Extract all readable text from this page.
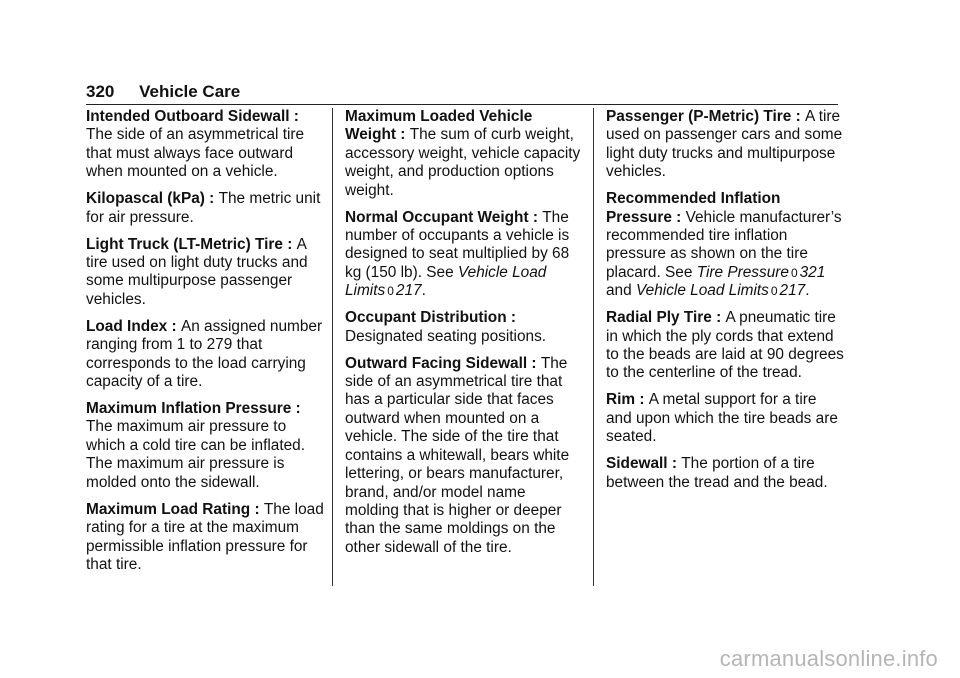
320 Vehicle Care

Intended Outboard Sidewall : The side of an asymmetrical tire that must always face outward when mounted on a vehicle.

Kilopascal (kPa) : The metric unit for air pressure.

Light Truck (LT-Metric) Tire : A tire used on light duty trucks and some multipurpose passenger vehicles.

Load Index : An assigned number ranging from 1 to 279 that corresponds to the load carrying capacity of a tire.

Maximum Inflation Pressure : The maximum air pressure to which a cold tire can be inflated. The maximum air pressure is molded onto the sidewall.

Maximum Load Rating : The load rating for a tire at the maximum permissible inflation pressure for that tire.

Maximum Loaded Vehicle Weight : The sum of curb weight, accessory weight, vehicle capacity weight, and production options weight.

Normal Occupant Weight : The number of occupants a vehicle is designed to seat multiplied by 68 kg (150 lb). See Vehicle Load Limits 0 217.

Occupant Distribution : Designated seating positions.

Outward Facing Sidewall : The side of an asymmetrical tire that has a particular side that faces outward when mounted on a vehicle. The side of the tire that contains a whitewall, bears white lettering, or bears manufacturer, brand, and/or model name molding that is higher or deeper than the same moldings on the other sidewall of the tire.

Passenger (P-Metric) Tire : A tire used on passenger cars and some light duty trucks and multipurpose vehicles.

Recommended Inflation Pressure : Vehicle manufacturer’s recommended tire inflation pressure as shown on the tire placard. See Tire Pressure 0 321 and Vehicle Load Limits 0 217.

Radial Ply Tire : A pneumatic tire in which the ply cords that extend to the beads are laid at 90 degrees to the centerline of the tread.

Rim : A metal support for a tire and upon which the tire beads are seated.

Sidewall : The portion of a tire between the tread and the bead.

carmanualsonline.info
